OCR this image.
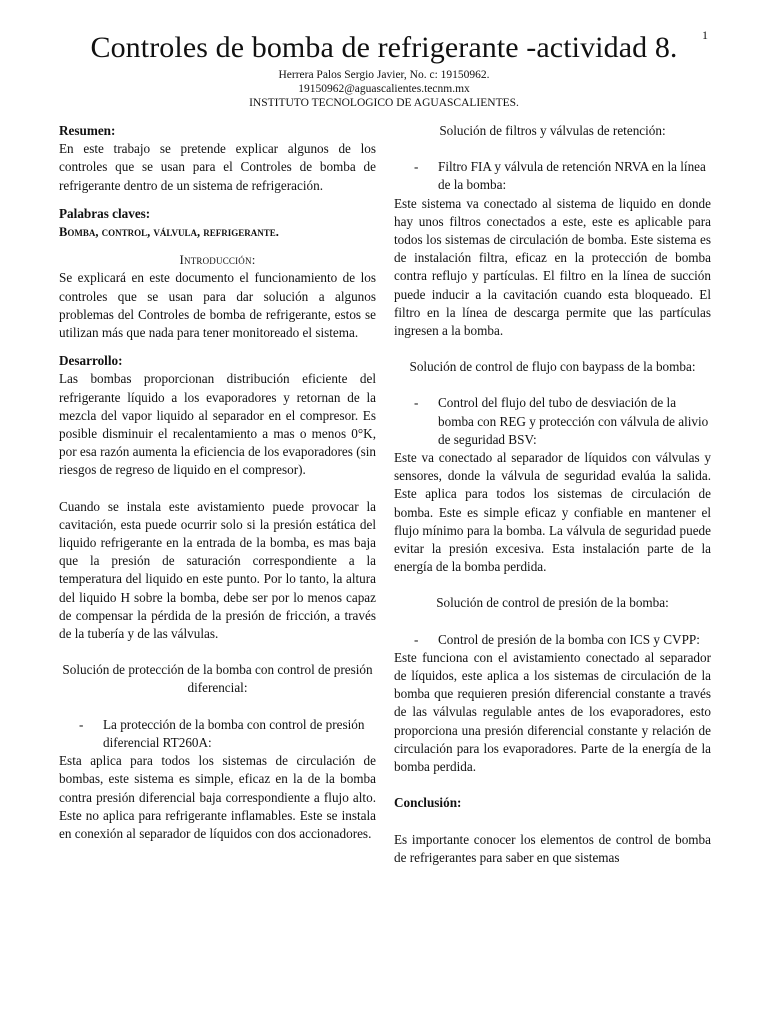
1
Controles de bomba de refrigerante -actividad 8.
Herrera Palos Sergio Javier, No. c: 19150962.
19150962@aguascalientes.tecnm.mx
INSTITUTO TECNOLOGICO DE AGUASCALIENTES.

Resumen:

En este trabajo se pretende explicar algunos de los controles que se usan para el Controles de bomba de refrigerante dentro de un sistema de refrigeración.

Palabras claves:

Bomba, control, válvula, refrigerante.

Introducción:

Se explicará en este documento el funcionamiento de los controles que se usan para dar solución a algunos problemas del Controles de bomba de refrigerante, estos se utilizan más que nada para tener monitoreado el sistema.

Desarrollo:

Las bombas proporcionan distribución eficiente del refrigerante líquido a los evaporadores y retornan de la mezcla del vapor liquido al separador en el compresor. Es posible disminuir el recalentamiento a mas o menos 0°K, por esa razón aumenta la eficiencia de los evaporadores (sin riesgos de regreso de liquido en el compresor).

Cuando se instala este avistamiento puede provocar la cavitación, esta puede ocurrir solo si la presión estática del liquido refrigerante en la entrada de la bomba, es mas baja que la presión de saturación correspondiente a la temperatura del liquido en este punto. Por lo tanto, la altura del liquido H sobre la bomba, debe ser por lo menos capaz de compensar la pérdida de la presión de fricción, a través de la tubería y de las válvulas.

Solución de protección de la bomba con control de presión diferencial:

-	La protección de la bomba con control de presión diferencial RT260A:

Esta aplica para todos los sistemas de circulación de bombas, este sistema es simple, eficaz en la de la bomba contra presión diferencial baja correspondiente a flujo alto. Este no aplica para refrigerante inflamables. Este se instala en conexión al separador de líquidos con dos accionadores.

Solución de filtros y válvulas de retención:

-	Filtro FIA y válvula de retención NRVA en la línea de la bomba:

Este sistema va conectado al sistema de liquido en donde hay unos filtros conectados a este, este es aplicable para todos los sistemas de circulación de bomba. Este sistema es de instalación filtra, eficaz en la protección de bomba contra reflujo y partículas. El filtro en la línea de succión puede inducir a la cavitación cuando esta bloqueado. El filtro en la línea de descarga permite que las partículas ingresen a la bomba.

Solución de control de flujo con baypass de la bomba:

-	Control del flujo del tubo de desviación de la bomba con REG y protección con válvula de alivio de seguridad BSV:

Este va conectado al separador de líquidos con válvulas y sensores, donde la válvula de seguridad evalúa la salida. Este aplica para todos los sistemas de circulación de bomba. Este es simple eficaz y confiable en mantener el flujo mínimo para la bomba. La válvula de seguridad puede evitar la presión excesiva. Esta instalación parte de la energía de la bomba perdida.

Solución de control de presión de la bomba:

-	Control de presión de la bomba con ICS y CVPP:

Este funciona con el avistamiento conectado al separador de líquidos, este aplica a los sistemas de circulación de la bomba que requieren presión diferencial constante a través de las válvulas regulable antes de los evaporadores, esto proporciona una presión diferencial constante y relación de circulación para los evaporadores. Parte de la energía de la bomba perdida.

Conclusión:

Es importante conocer los elementos de control de bomba de refrigerantes para saber en que sistemas
